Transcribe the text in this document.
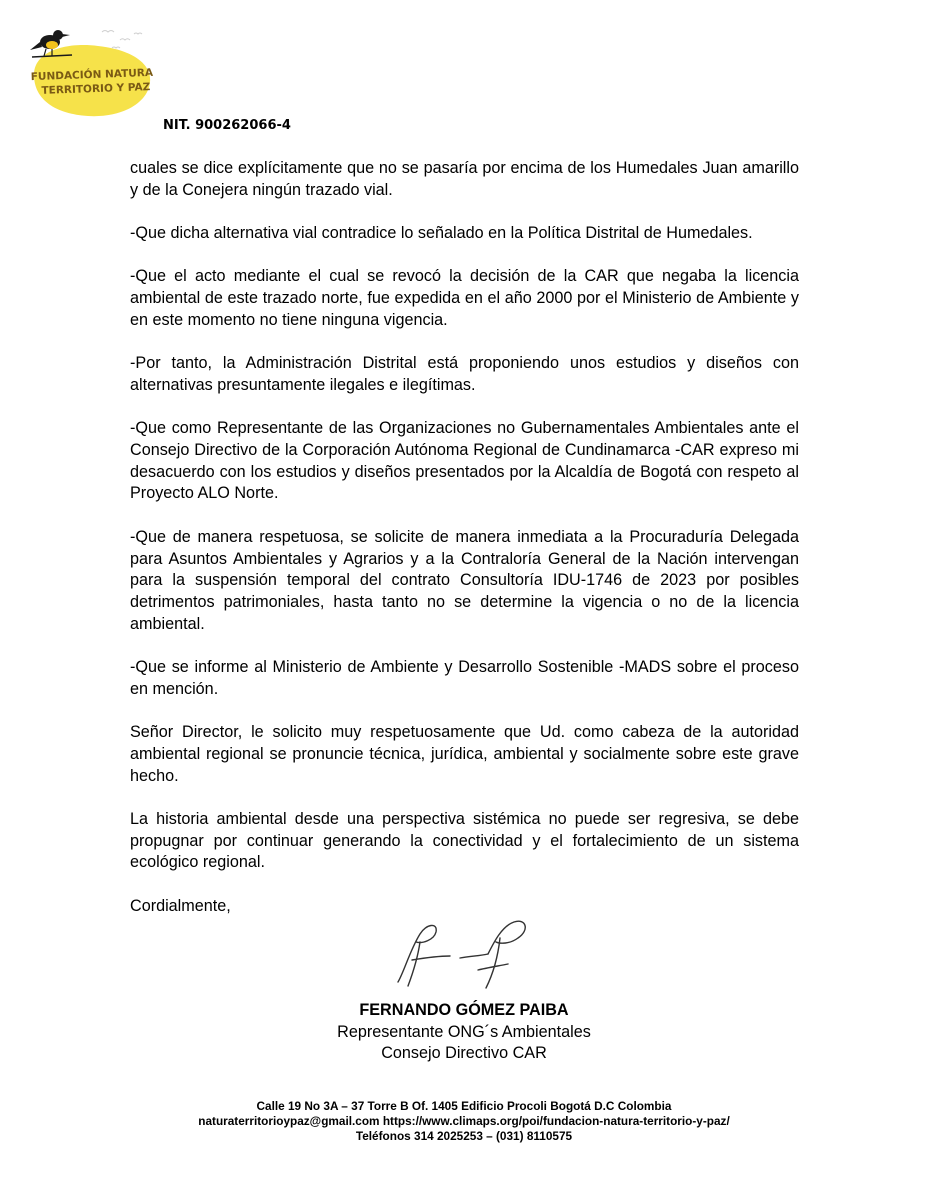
FUNDACIÓN NATURA
TERRITORIO Y PAZ
NIT. 900262066-4

cuales se dice explícitamente que no se pasaría por encima de los Humedales Juan amarillo y de la Conejera ningún trazado vial.

-Que dicha alternativa vial contradice lo señalado en la Política Distrital de Humedales.

-Que el acto mediante el cual se revocó la decisión de la CAR que negaba la licencia ambiental de este trazado norte, fue expedida en el año 2000 por el Ministerio de Ambiente y en este momento no tiene ninguna vigencia.

-Por tanto, la Administración Distrital está proponiendo unos estudios y diseños con alternativas presuntamente ilegales e ilegítimas.

-Que como Representante de las Organizaciones no Gubernamentales Ambientales ante el Consejo Directivo de la Corporación Autónoma Regional de Cundinamarca -CAR expreso mi desacuerdo con los estudios y diseños presentados por la Alcaldía de Bogotá con respeto al Proyecto ALO Norte.

-Que de manera respetuosa, se solicite de manera inmediata a la Procuraduría Delegada para Asuntos Ambientales y Agrarios y a la Contraloría General de la Nación intervengan para la suspensión temporal del contrato Consultoría IDU-1746 de 2023 por posibles detrimentos patrimoniales, hasta tanto no se determine la vigencia o no de la licencia ambiental.

-Que se informe al Ministerio de Ambiente y Desarrollo Sostenible -MADS sobre el proceso en mención.

Señor Director, le solicito muy respetuosamente que Ud. como cabeza de la autoridad ambiental regional se pronuncie técnica, jurídica, ambiental y socialmente sobre este grave hecho.

La historia ambiental desde una perspectiva sistémica no puede ser regresiva, se debe propugnar por continuar generando la conectividad y el fortalecimiento de un sistema ecológico regional.

Cordialmente,

FERNANDO GÓMEZ PAIBA
Representante ONG´s Ambientales
Consejo Directivo CAR
Calle 19 No 3A – 37 Torre B Of. 1405 Edificio Procoli Bogotá D.C Colombia
naturaterritorioypaz@gmail.com https://www.climaps.org/poi/fundacion-natura-territorio-y-paz/
Teléfonos 314 2025253 – (031) 8110575
